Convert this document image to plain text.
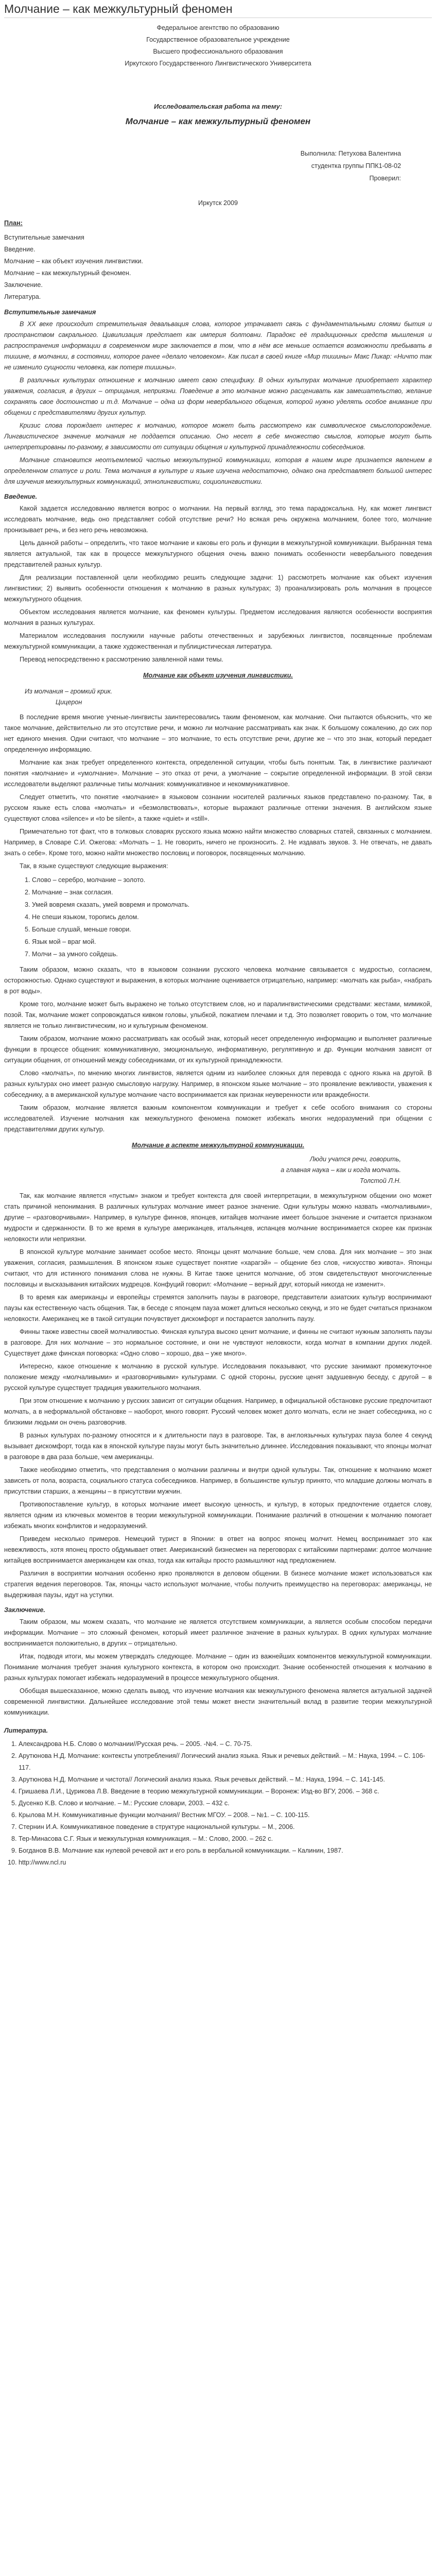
Молчание – как межкультурный феномен

Федеральное агентство по образованию

Государственное образовательное учреждение

Высшего профессионального образования

Иркутского Государственного Лингвистического Университета

Исследовательская работа на тему:

Молчание – как межкультурный феномен

Выполнила: Петухова Валентина

студентка группы ППК1-08-02

Проверил:

Иркутск 2009

План:

Вступительные замечания
Введение.
Молчание – как объект изучения лингвистики.
Молчание – как межкультурный феномен.
Заключение.
Литература.

Вступительные замечания

В XX веке происходит стремительная девальвация слова, которое утрачивает связь с фундаментальными слоями бытия и пространством сакрального. Цивилизация предстает как империя болтовни. Парадокс её традиционных средств мышления и распространения информации в современном мире заключается в том, что в нём все меньше остается возможности пребывать в тишине, в молчании, в состоянии, которое ранее «делало человеком». Как писал в своей книге «Мир тишины» Макс Пикар: «Ничто так не изменило сущности человека, как потеря тишины».

В различных культурах отношение к молчанию имеет свою специфику. В одних культурах молчание приобретает характер уважения, согласия, в других – отрицания, неприязни. Поведение в это молчание можно расценивать как замешательство, желание сохранять свое достоинство и т.д. Молчание – одна из форм невербального общения, которой нужно уделять особое внимание при общении с представителями других культур.

Кризис слова порождает интерес к молчанию, которое может быть рассмотрено как символическое смыслопорождение. Лингвистическое значение молчания не поддается описанию. Оно несет в себе множество смыслов, которые могут быть интерпретированы по-разному, в зависимости от ситуации общения и культурной принадлежности собеседников.

Молчание становится неотъемлемой частью межкультурной коммуникации, которая в нашем мире признается явлением в определенном статусе и роли. Тема молчания в культуре и языке изучена недостаточно, однако она представляет большой интерес для изучения межкультурных коммуникаций, этнолингвистики, социолингвистики.

Введение.

Какой задается исследованию является вопрос о молчании. На первый взгляд, это тема парадоксальна. Ну, как может лингвист исследовать молчание, ведь оно представляет собой отсутствие речи? Но всякая речь окружена молчанием, более того, молчание пронизывает речь, и без него речь невозможна.

Цель данной работы – определить, что такое молчание и каковы его роль и функции в межкультурной коммуникации. Выбранная тема является актуальной, так как в процессе межкультурного общения очень важно понимать особенности невербального поведения представителей разных культур.

Для реализации поставленной цели необходимо решить следующие задачи: 1) рассмотреть молчание как объект изучения лингвистики; 2) выявить особенности отношения к молчанию в разных культурах; 3) проанализировать роль молчания в процессе межкультурного общения.

Объектом исследования является молчание, как феномен культуры. Предметом исследования являются особенности восприятия молчания в разных культурах.

Материалом исследования послужили научные работы отечественных и зарубежных лингвистов, посвященные проблемам межкультурной коммуникации, а также художественная и публицистическая литература.

Перевод непосредственно к рассмотрению заявленной нами темы.

Молчание как объект изучения лингвистики.

Из молчания – громкий крик.

Цицерон

В последние время многие ученые-лингвисты заинтересовались таким феноменом, как молчание. Они пытаются объяснить, что же такое молчание, действительно ли это отсутствие речи, и можно ли молчание рассматривать как знак. К большому сожалению, до сих пор нет единого мнения. Одни считают, что молчание – это молчание, то есть отсутствие речи, другие же – что это знак, который передает определенную информацию.

Молчание как знак требует определенного контекста, определенной ситуации, чтобы быть понятым. Так, в лингвистике различают понятия «молчание» и «умолчание». Молчание – это отказ от речи, а умолчание – сокрытие определенной информации. В этой связи исследователи выделяют различные типы молчания: коммуникативное и некоммуникативное.

Следует отметить, что понятие «молчание» в языковом сознании носителей различных языков представлено по-разному. Так, в русском языке есть слова «молчать» и «безмолвствовать», которые выражают различные оттенки значения. В английском языке существуют слова «silence» и «to be silent», а также «quiet» и «still».

Примечательно тот факт, что в толковых словарях русского языка можно найти множество словарных статей, связанных с молчанием. Например, в Словаре С.И. Ожегова: «Молчать – 1. Не говорить, ничего не произносить. 2. Не издавать звуков. 3. Не отвечать, не давать знать о себе». Кроме того, можно найти множество пословиц и поговорок, посвященных молчанию.

Так, в языке существуют следующие выражения:

1. Слово – серебро, молчание – золото.
2. Молчание – знак согласия.
3. Умей вовремя сказать, умей вовремя и промолчать.
4. Не спеши языком, торопись делом.
5. Больше слушай, меньше говори.
6. Язык мой – враг мой.
7. Молчи – за умного сойдешь.

Таким образом, можно сказать, что в языковом сознании русского человека молчание связывается с мудростью, согласием, осторожностью. Однако существуют и выражения, в которых молчание оценивается отрицательно, например: «молчать как рыба», «набрать в рот воды».

Кроме того, молчание может быть выражено не только отсутствием слов, но и паралингвистическими средствами: жестами, мимикой, позой. Так, молчание может сопровождаться кивком головы, улыбкой, пожатием плечами и т.д. Это позволяет говорить о том, что молчание является не только лингвистическим, но и культурным феноменом.

Таким образом, молчание можно рассматривать как особый знак, который несет определенную информацию и выполняет различные функции в процессе общения: коммуникативную, эмоциональную, информативную, регулятивную и др. Функции молчания зависят от ситуации общения, от отношений между собеседниками, от их культурной принадлежности.

Слово «молчать», по мнению многих лингвистов, является одним из наиболее сложных для перевода с одного языка на другой. В разных культурах оно имеет разную смысловую нагрузку. Например, в японском языке молчание – это проявление вежливости, уважения к собеседнику, а в американской культуре молчание часто воспринимается как признак неуверенности или враждебности.

Таким образом, молчание является важным компонентом коммуникации и требует к себе особого внимания со стороны исследователей. Изучение молчания как межкультурного феномена поможет избежать многих недоразумений при общении с представителями других культур.

Молчание в аспекте межкультурной коммуникации.

Люди учатся речи, говорить,

а главная наука – как и когда молчать.

Толстой Л.Н.

Так, как молчание является «пустым» знаком и требует контекста для своей интерпретации, в межкультурном общении оно может стать причиной непонимания. В различных культурах молчание имеет разное значение. Одни культуры можно назвать «молчаливыми», другие – «разговорчивыми». Например, в культуре финнов, японцев, китайцев молчание имеет большое значение и считается признаком мудрости и сдержанности. В то же время в культуре американцев, итальянцев, испанцев молчание воспринимается скорее как признак неловкости или неприязни.

В японской культуре молчание занимает особое место. Японцы ценят молчание больше, чем слова. Для них молчание – это знак уважения, согласия, размышления. В японском языке существует понятие «харагэй» – общение без слов, «искусство живота». Японцы считают, что для истинного понимания слова не нужны. В Китае также ценится молчание, об этом свидетельствуют многочисленные пословицы и высказывания китайских мудрецов. Конфуций говорил: «Молчание – верный друг, который никогда не изменит».

В то время как американцы и европейцы стремятся заполнить паузы в разговоре, представители азиатских культур воспринимают паузы как естественную часть общения. Так, в беседе с японцем пауза может длиться несколько секунд, и это не будет считаться признаком неловкости. Американец же в такой ситуации почувствует дискомфорт и постарается заполнить паузу.

Финны также известны своей молчаливостью. Финская культура высоко ценит молчание, и финны не считают нужным заполнять паузы в разговоре. Для них молчание – это нормальное состояние, и они не чувствуют неловкости, когда молчат в компании других людей. Существует даже финская поговорка: «Одно слово – хорошо, два – уже много».

Интересно, какое отношение к молчанию в русской культуре. Исследования показывают, что русские занимают промежуточное положение между «молчаливыми» и «разговорчивыми» культурами. С одной стороны, русские ценят задушевную беседу, с другой – в русской культуре существует традиция уважительного молчания.

При этом отношение к молчанию у русских зависит от ситуации общения. Например, в официальной обстановке русские предпочитают молчать, а в неформальной обстановке – наоборот, много говорят. Русский человек может долго молчать, если не знает собеседника, но с близкими людьми он очень разговорчив.

В разных культурах по-разному относятся и к длительности пауз в разговоре. Так, в англоязычных культурах пауза более 4 секунд вызывает дискомфорт, тогда как в японской культуре паузы могут быть значительно длиннее. Исследования показывают, что японцы молчат в разговоре в два раза больше, чем американцы.

Также необходимо отметить, что представления о молчании различны и внутри одной культуры. Так, отношение к молчанию может зависеть от пола, возраста, социального статуса собеседников. Например, в большинстве культур принято, что младшие должны молчать в присутствии старших, а женщины – в присутствии мужчин.

Противопоставление культур, в которых молчание имеет высокую ценность, и культур, в которых предпочтение отдается слову, является одним из ключевых моментов в теории межкультурной коммуникации. Понимание различий в отношении к молчанию помогает избежать многих конфликтов и недоразумений.

Приведем несколько примеров. Немецкий турист в Японии: в ответ на вопрос японец молчит. Немец воспринимает это как невежливость, хотя японец просто обдумывает ответ. Американский бизнесмен на переговорах с китайскими партнерами: долгое молчание китайцев воспринимается американцем как отказ, тогда как китайцы просто размышляют над предложением.

Различия в восприятии молчания особенно ярко проявляются в деловом общении. В бизнесе молчание может использоваться как стратегия ведения переговоров. Так, японцы часто используют молчание, чтобы получить преимущество на переговорах: американцы, не выдерживая паузы, идут на уступки.

Заключение.

Таким образом, мы можем сказать, что молчание не является отсутствием коммуникации, а является особым способом передачи информации. Молчание – это сложный феномен, который имеет различное значение в разных культурах. В одних культурах молчание воспринимается положительно, в других – отрицательно.

Итак, подводя итоги, мы можем утверждать следующее. Молчание – один из важнейших компонентов межкультурной коммуникации. Понимание молчания требует знания культурного контекста, в котором оно происходит. Знание особенностей отношения к молчанию в разных культурах помогает избежать недоразумений в процессе межкультурного общения.

Обобщая вышесказанное, можно сделать вывод, что изучение молчания как межкультурного феномена является актуальной задачей современной лингвистики. Дальнейшее исследование этой темы может внести значительный вклад в развитие теории межкультурной коммуникации.

Литература.

1. Александрова Н.Б. Слово о молчании//Русская речь. – 2005. -№4. – С. 70-75.
2. Арутюнова Н.Д. Молчание: контексты употребления// Логический анализ языка. Язык и речевых действий. – М.: Наука, 1994. – С. 106-117.
3. Арутюнова Н.Д. Молчание и чистота// Логический анализ языка. Язык речевых действий. – М.: Наука, 1994. – С. 141-145.
4. Гришаева Л.И., Цурикова Л.В. Введение в теорию межкультурной коммуникации. – Воронеж: Изд-во ВГУ, 2006. – 368 с.
5. Дусенко К.В. Слово и молчание. – М.: Русские словари, 2003. – 432 с.
6. Крылова М.Н. Коммуникативные функции молчания// Вестник МГОУ. – 2008. – №1. – С. 100-115.
7. Стернин И.А. Коммуникативное поведение в структуре национальной культуры. – М., 2006.
8. Тер-Минасова С.Г. Язык и межкультурная коммуникация. – М.: Слово, 2000. – 262 с.
9. Богданов В.В. Молчание как нулевой речевой акт и его роль в вербальной коммуникации. – Калинин, 1987.
10. http://www.ncl.ru
